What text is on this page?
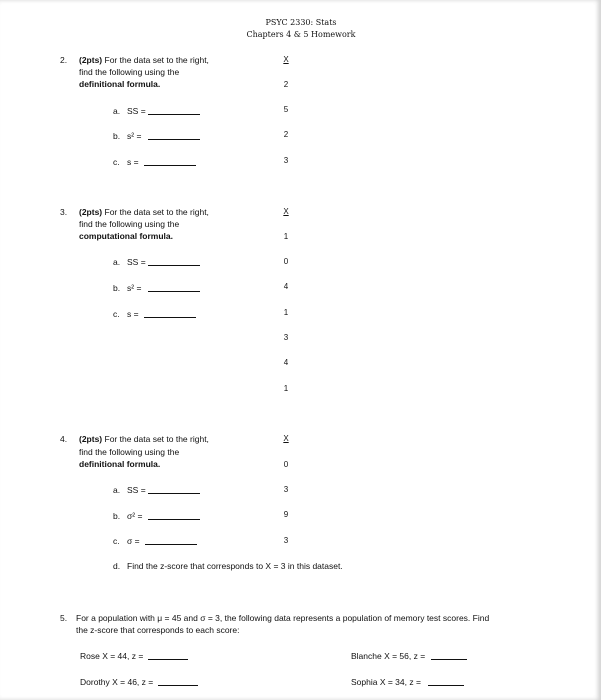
PSYC 2330: Stats
Chapters 4 & 5 Homework
2. (2pts) For the data set to the right,
find the following using the
definitional formula.
a. SS =
b. s² =
c. s =
X
2
5
2
3
3. (2pts) For the data set to the right,
find the following using the
computational formula.
a. SS =
b. s² =
c. s =
X
1
0
4
1
3
4
1
4. (2pts) For the data set to the right,
find the following using the
definitional formula.
a. SS =
b. σ² =
c. σ =
d. Find the z-score that corresponds to X = 3 in this dataset.
X
0
3
9
3
5. For a population with μ = 45 and σ = 3, the following data represents a population of memory test scores. Find
the z-score that corresponds to each score:
Rose X = 44, z =	Blanche X = 56, z =
Dorothy X = 46, z =	Sophia X = 34, z =
